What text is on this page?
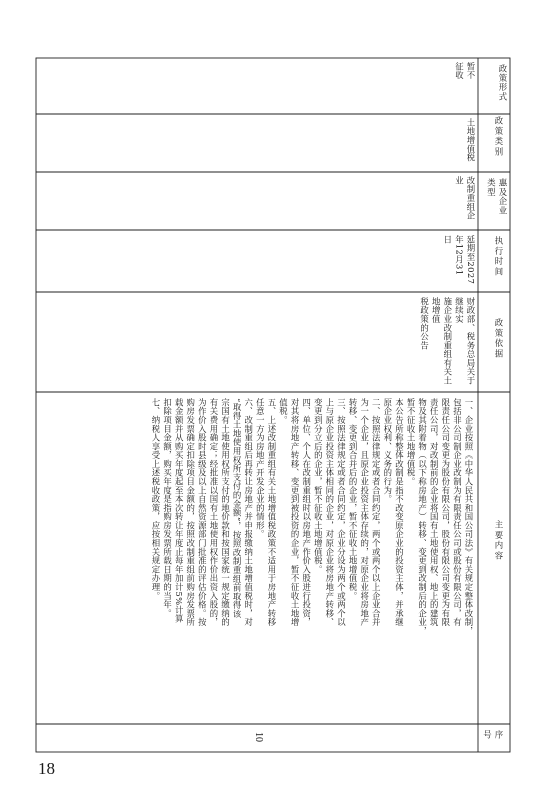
序号
主要内容
政策依据
执行时间
惠及企业类型
政策类别
政策形式
10
一、企业按照《中华人民共和国公司法》有关规定整体改制，
包括非公司制企业改制为有限责任公司或股份有限公司，有
限责任公司变更为股份有限公司，股份有限公司变更为有限
责任公司，对改制前的企业将国有土地使用权、地上的建筑
物及其附着物（以下称房地产）转移、变更到改制后的企业，
暂不征收土地增值税。
本公告所称整体改制是指不改变原企业的投资主体，并承继
原企业权利、义务的行为。
二、按照法律规定或者合同约定，两个或两个以上企业合并
为一个企业，且原企业投资主体存续的，对原企业将房地产
转移、变更到合并后的企业，暂不征收土地增值税。
三、按照法律规定或者合同约定，企业分设为两个或两个以
上与原企业投资主体相同的企业，对原企业将房地产转移、
变更到分立后的企业，暂不征收土地增值税。
四、单位、个人在改制重组时以房地产作价入股进行投资，
对其将房地产转移、变更到被投资的企业，暂不征收土地增
值税。
五、上述改制重组有关土地增值税政策不适用于房地产转移
任意一方为房地产开发企业的情形。
六、改制重组后再转让房地产并申报缴纳土地增值税时，对
“取得土地使用权所支付的金额”，按照改制重组前取得该
宗国有土地使用权所支付的地价款和按国家统一规定缴纳的
有关费用确定；经批准以国有土地使用权作价出资入股的，
为作价入股时县级及以上自然资源部门批准的评估价格。按
购房发票确定扣除项目金额的，按照改制重组前购房发票所
载金额并从购买年度起至本次转让年度止每年加计5%计算
扣除项目金额，购买年度是指购房发票所载日期的当年。
七、纳税人享受上述税收政策，应按相关规定办理。
财政部、税务总局关于继续实
施企业改制重组有关土地增值
税政策的公告
延期至2027
年12月31
日
改制重组企
业
土地增值税
暂不
征收
18
